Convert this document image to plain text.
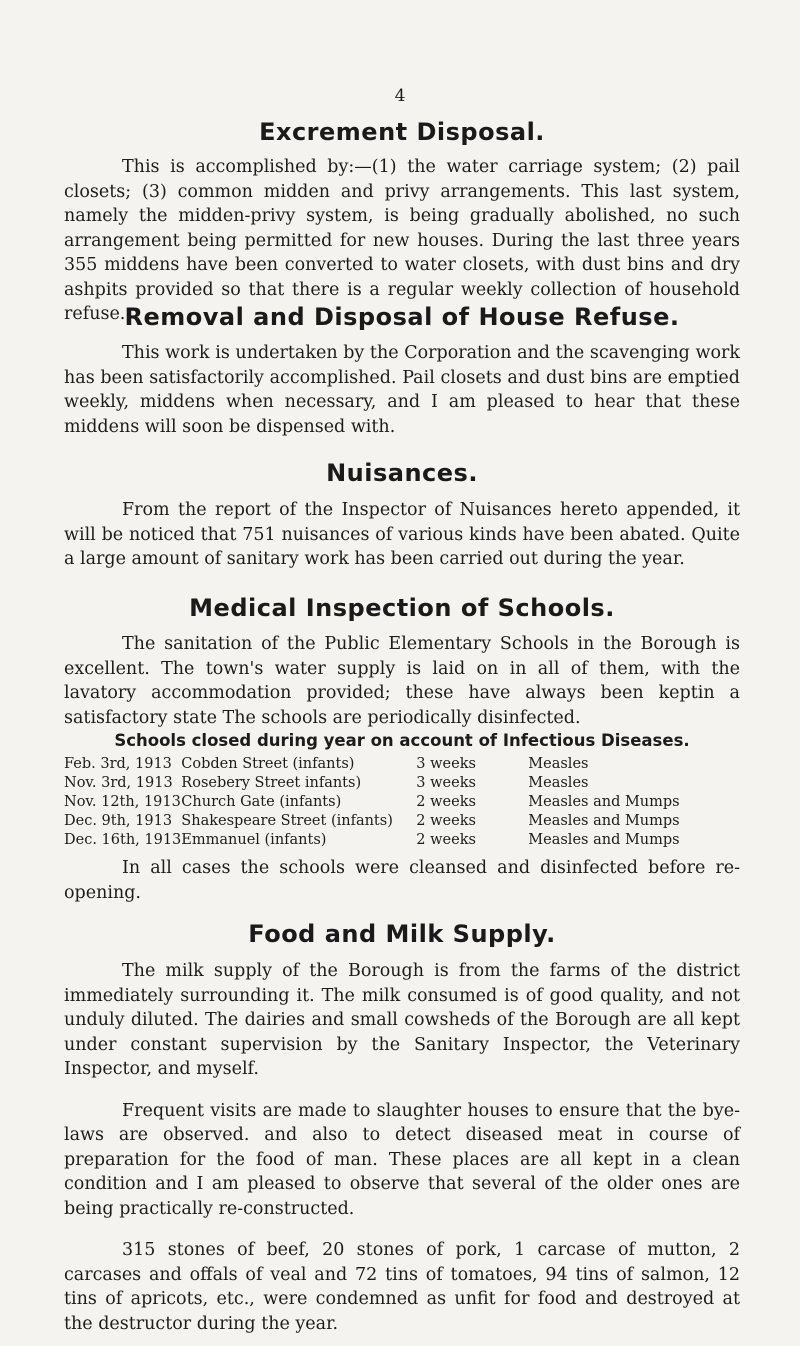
4
Excrement Disposal.

This is accomplished by:—(1) the water carriage system; (2) pail closets; (3) common midden and privy arrangements. This last system, namely the midden-privy system, is being gradually abolished, no such arrangement being permitted for new houses. During the last three years 355 middens have been converted to water closets, with dust bins and dry ashpits provided so that there is a regular weekly collection of household refuse. Removal and Disposal of House Refuse.

This work is undertaken by the Corporation and the scavenging work has been satisfactorily accomplished. Pail closets and dust bins are emptied weekly, middens when necessary, and I am pleased to hear that these middens will soon be dispensed with.

Nuisances.

From the report of the Inspector of Nuisances hereto appended, it will be noticed that 751 nuisances of various kinds have been abated. Quite a large amount of sanitary work has been carried out during the year.

Medical Inspection of Schools.

The sanitation of the Public Elementary Schools in the Borough is excellent. The town's water supply is laid on in all of them, with the lavatory accommodation provided; these have always been keptin a satisfactory state The schools are periodically disinfected.

Schools closed during year on account of Infectious Diseases.
Feb. 3rd, 1913	Cobden Street (infants)	3 weeks	Measles
Nov. 3rd, 1913	Rosebery Street infants)	3 weeks	Measles
Nov. 12th, 1913	Church Gate (infants)	2 weeks	Measles and Mumps
Dec. 9th, 1913	Shakespeare Street (infants)	2 weeks	Measles and Mumps
Dec. 16th, 1913	Emmanuel (infants)	2 weeks	Measles and Mumps

In all cases the schools were cleansed and disinfected before re-opening.

Food and Milk Supply.

The milk supply of the Borough is from the farms of the district immediately surrounding it. The milk consumed is of good quality, and not unduly diluted. The dairies and small cowsheds of the Borough are all kept under constant supervision by the Sanitary Inspector, the Veterinary Inspector, and myself.

Frequent visits are made to slaughter houses to ensure that the bye-laws are observed. and also to detect diseased meat in course of preparation for the food of man. These places are all kept in a clean condition and I am pleased to observe that several of the older ones are being practically re-constructed.

315 stones of beef, 20 stones of pork, 1 carcase of mutton, 2 carcases and offals of veal and 72 tins of tomatoes, 94 tins of salmon, 12 tins of apricots, etc., were condemned as unfit for food and destroyed at the destructor during the year.
